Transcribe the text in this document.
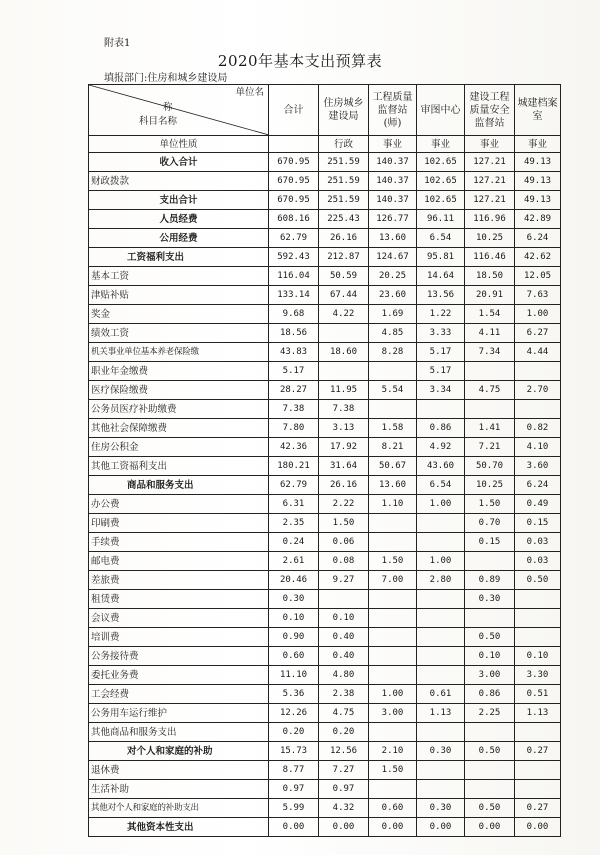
附表1
2020年基本支出预算表
填报部门:住房和城乡建设局
单位名
称
科目名称	合计	住房城乡建设局	工程质量监督站(师)	审图中心	建设工程质量安全监督站	城建档案室
单位性质		行政	事业	事业	事业	事业
收入合计	670.95	251.59	140.37	102.65	127.21	49.13
财政拨款	670.95	251.59	140.37	102.65	127.21	49.13
支出合计	670.95	251.59	140.37	102.65	127.21	49.13
人员经费	608.16	225.43	126.77	96.11	116.96	42.89
公用经费	62.79	26.16	13.60	6.54	10.25	6.24
工资福利支出	592.43	212.87	124.67	95.81	116.46	42.62
基本工资	116.04	50.59	20.25	14.64	18.50	12.05
津贴补贴	133.14	67.44	23.60	13.56	20.91	7.63
奖金	9.68	4.22	1.69	1.22	1.54	1.00
绩效工资	18.56		4.85	3.33	4.11	6.27
机关事业单位基本养老保险缴	43.83	18.60	8.28	5.17	7.34	4.44
职业年金缴费	5.17			5.17		
医疗保险缴费	28.27	11.95	5.54	3.34	4.75	2.70
公务员医疗补助缴费	7.38	7.38				
其他社会保障缴费	7.80	3.13	1.58	0.86	1.41	0.82
住房公积金	42.36	17.92	8.21	4.92	7.21	4.10
其他工资福利支出	180.21	31.64	50.67	43.60	50.70	3.60
商品和服务支出	62.79	26.16	13.60	6.54	10.25	6.24
办公费	6.31	2.22	1.10	1.00	1.50	0.49
印刷费	2.35	1.50			0.70	0.15
手续费	0.24	0.06			0.15	0.03
邮电费	2.61	0.08	1.50	1.00		0.03
差旅费	20.46	9.27	7.00	2.80	0.89	0.50
租赁费	0.30				0.30	
会议费	0.10	0.10				
培训费	0.90	0.40			0.50	
公务接待费	0.60	0.40			0.10	0.10
委托业务费	11.10	4.80			3.00	3.30
工会经费	5.36	2.38	1.00	0.61	0.86	0.51
公务用车运行维护	12.26	4.75	3.00	1.13	2.25	1.13
其他商品和服务支出	0.20	0.20				
对个人和家庭的补助	15.73	12.56	2.10	0.30	0.50	0.27
退休费	8.77	7.27	1.50			
生活补助	0.97	0.97				
其他对个人和家庭的补助支出	5.99	4.32	0.60	0.30	0.50	0.27
其他资本性支出	0.00	0.00	0.00	0.00	0.00	0.00
